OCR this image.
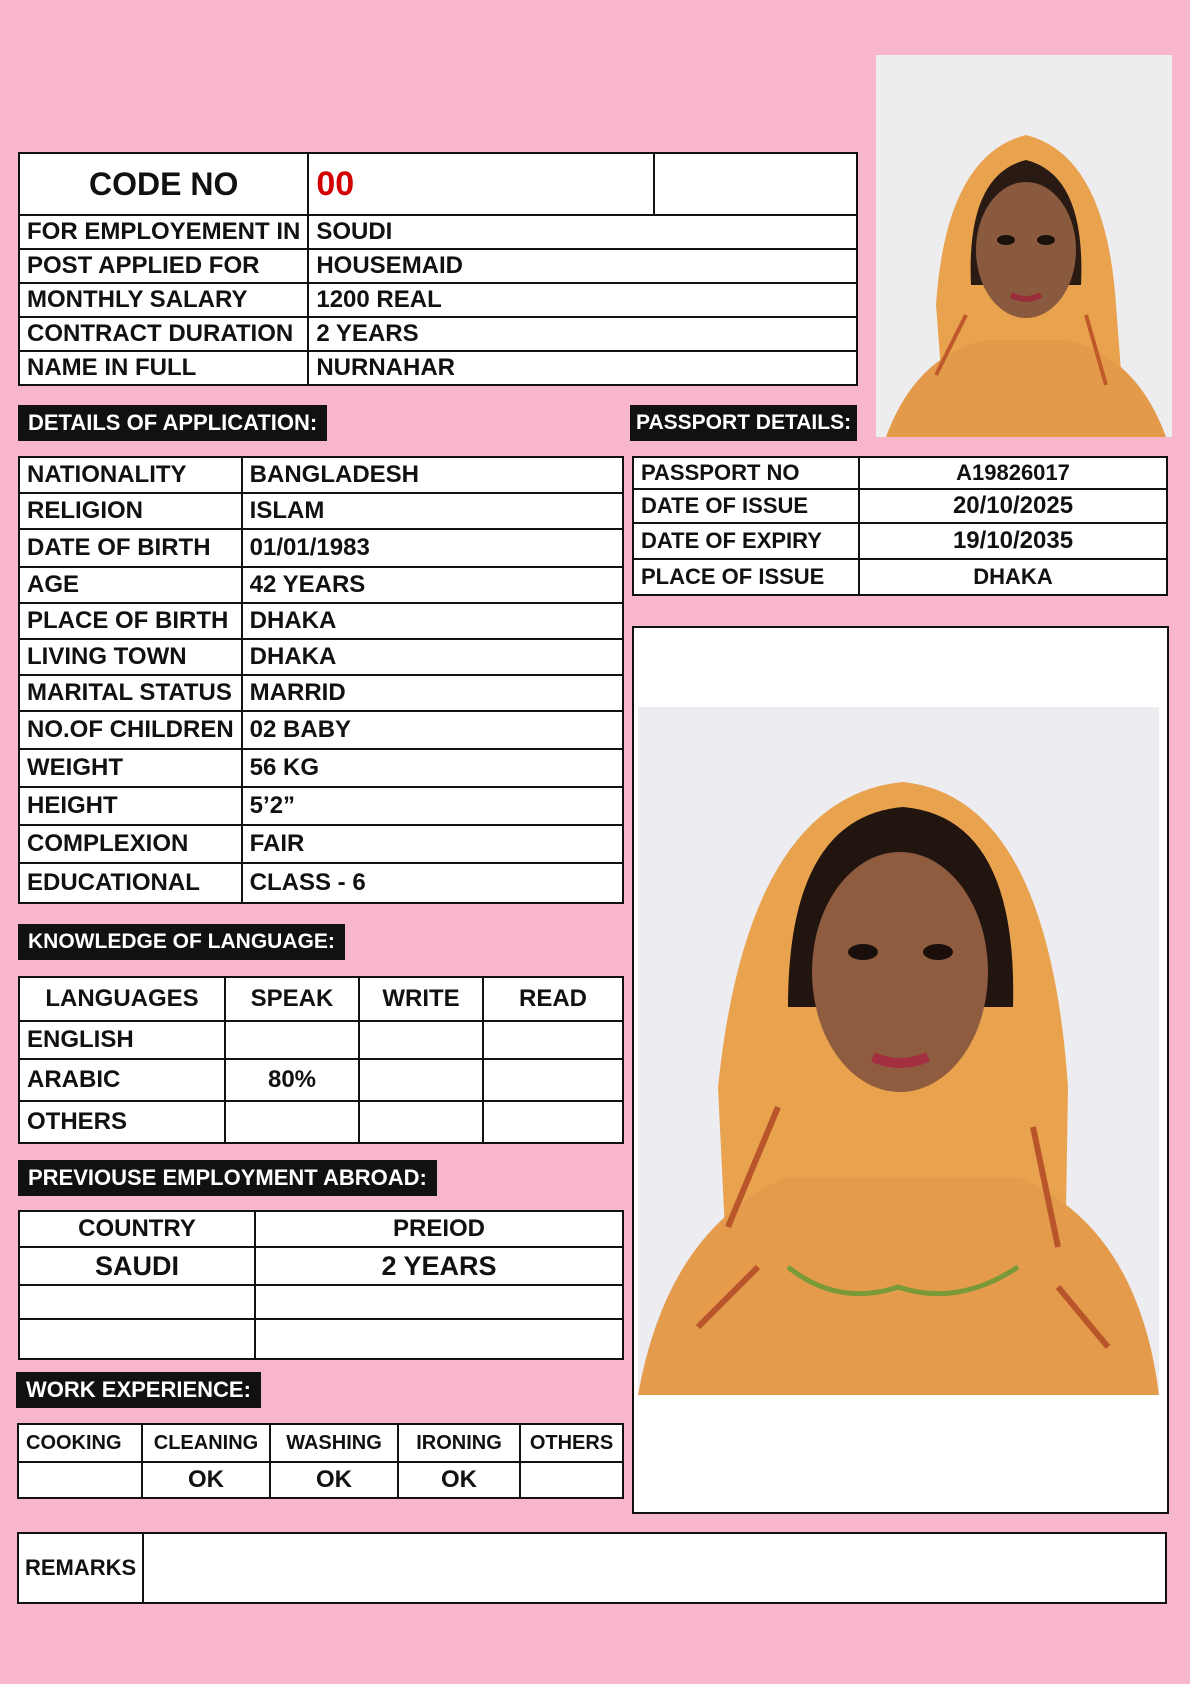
CODE NO	00	
FOR EMPLOYEMENT IN	SOUDI	
POST APPLIED FOR	HOUSEMAID	
MONTHLY SALARY	1200 REAL	
CONTRACT DURATION	2 YEARS	
NAME IN FULL	NURNAHAR	
DETAILS OF APPLICATION:
NATIONALITY	BANGLADESH
RELIGION	ISLAM
DATE OF BIRTH	01/01/1983
AGE	42 YEARS
PLACE OF BIRTH	DHAKA
LIVING TOWN	DHAKA
MARITAL STATUS	MARRID
NO.OF CHILDREN	02 BABY
WEIGHT	56 KG
HEIGHT	5’2”
COMPLEXION	FAIR
EDUCATIONAL	CLASS - 6
PASSPORT DETAILS:
PASSPORT NO	A19826017
DATE OF ISSUE	20/10/2025
DATE OF EXPIRY	19/10/2035
PLACE OF ISSUE	DHAKA
KNOWLEDGE OF LANGUAGE:
LANGUAGES	SPEAK	WRITE	READ
ENGLISH			
ARABIC	80%		
OTHERS			
PREVIOUSE EMPLOYMENT ABROAD:
COUNTRY	PREIOD
SAUDI	2 YEARS

WORK EXPERIENCE:
COOKING	CLEANING	WASHING	IRONING	OTHERS
	OK	OK	OK	
REMARKS	
